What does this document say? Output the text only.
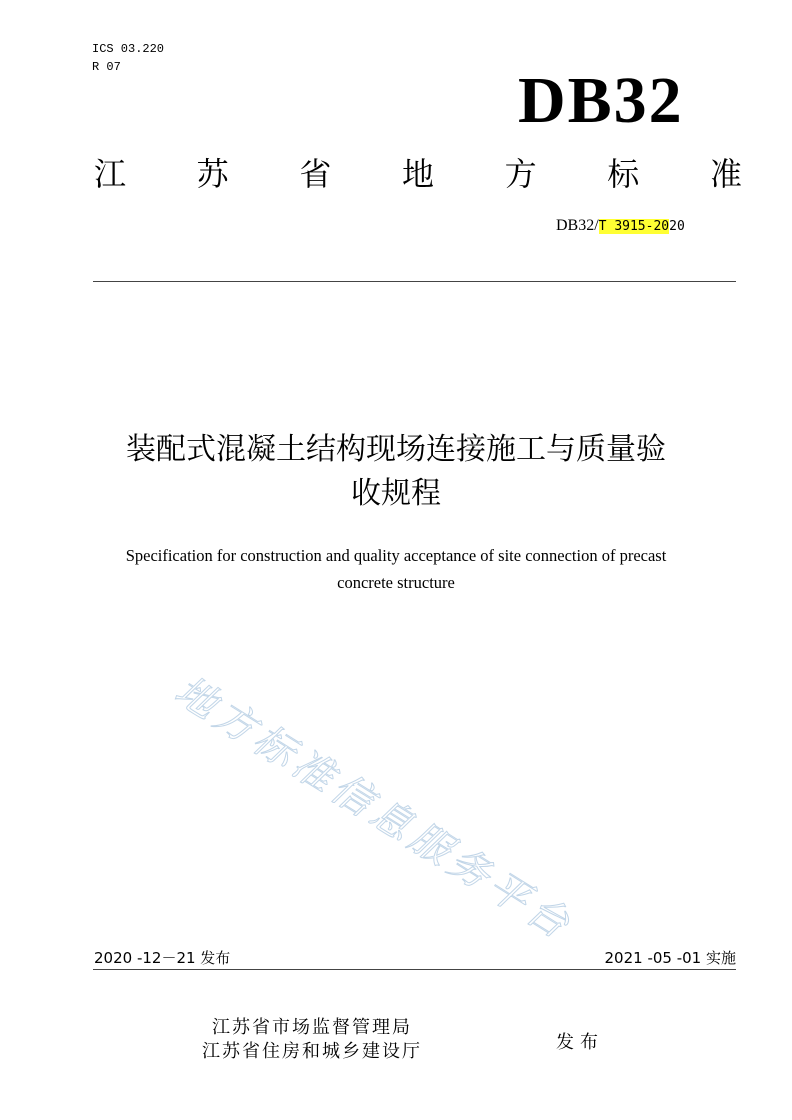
ICS 03.220
R 07	DB32
江 苏 省 地 方 标 准
DB32/T 3915-2020
装配式混凝土结构现场连接施工与质量验
收规程
Specification for construction and quality acceptance of site connection of precast
concrete structure
地方标准信息服务平台
2020 -12－21 发布	2021 -05 -01 实施
江苏省市场监督管理局
江苏省住房和城乡建设厅	发布
